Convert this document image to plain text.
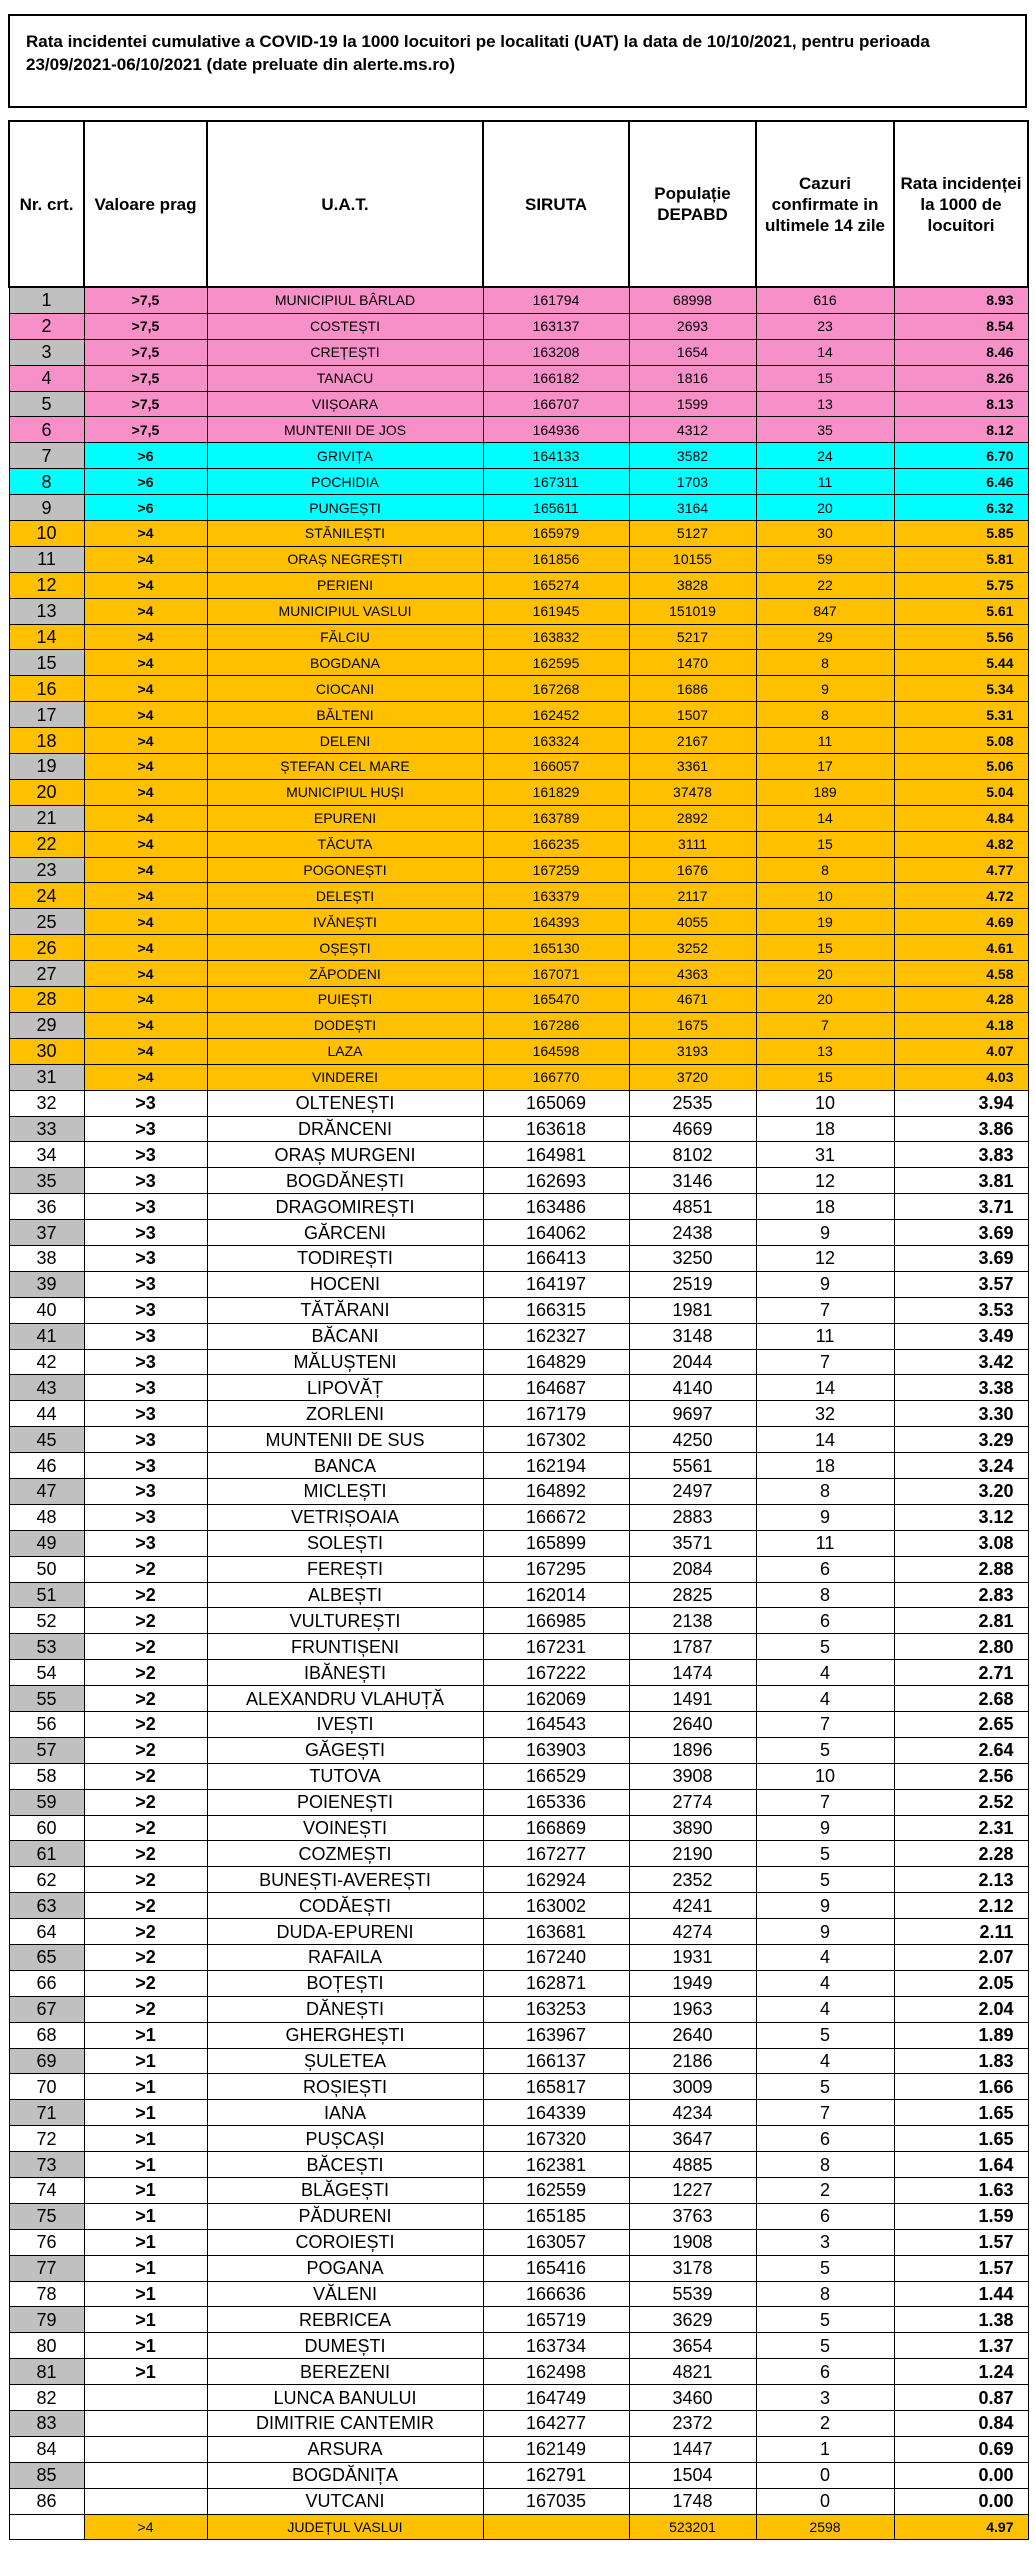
Rata incidentei cumulative a COVID-19 la 1000 locuitori pe localitati (UAT) la data de 10/10/2021, pentru perioada 23/09/2021-06/10/2021 (date preluate din alerte.ms.ro)
Nr. crt.	Valoare prag	U.A.T.	SIRUTA	Populație DEPABD	Cazuri confirmate in ultimele 14 zile	Rata incidenței la 1000 de locuitori
1	>7,5	MUNICIPIUL BÂRLAD	161794	68998	616	8.93
2	>7,5	COSTEȘTI	163137	2693	23	8.54
3	>7,5	CREȚEȘTI	163208	1654	14	8.46
4	>7,5	TANACU	166182	1816	15	8.26
5	>7,5	VIIȘOARA	166707	1599	13	8.13
6	>7,5	MUNTENII DE JOS	164936	4312	35	8.12
7	>6	GRIVIȚA	164133	3582	24	6.70
8	>6	POCHIDIA	167311	1703	11	6.46
9	>6	PUNGEȘTI	165611	3164	20	6.32
10	>4	STĂNILEȘTI	165979	5127	30	5.85
11	>4	ORAȘ NEGREȘTI	161856	10155	59	5.81
12	>4	PERIENI	165274	3828	22	5.75
13	>4	MUNICIPIUL VASLUI	161945	151019	847	5.61
14	>4	FĂLCIU	163832	5217	29	5.56
15	>4	BOGDANA	162595	1470	8	5.44
16	>4	CIOCANI	167268	1686	9	5.34
17	>4	BĂLTENI	162452	1507	8	5.31
18	>4	DELENI	163324	2167	11	5.08
19	>4	ȘTEFAN CEL MARE	166057	3361	17	5.06
20	>4	MUNICIPIUL HUȘI	161829	37478	189	5.04
21	>4	EPURENI	163789	2892	14	4.84
22	>4	TĂCUTA	166235	3111	15	4.82
23	>4	POGONEȘTI	167259	1676	8	4.77
24	>4	DELEȘTI	163379	2117	10	4.72
25	>4	IVĂNEȘTI	164393	4055	19	4.69
26	>4	OȘEȘTI	165130	3252	15	4.61
27	>4	ZĂPODENI	167071	4363	20	4.58
28	>4	PUIEȘTI	165470	4671	20	4.28
29	>4	DODEȘTI	167286	1675	7	4.18
30	>4	LAZA	164598	3193	13	4.07
31	>4	VINDEREI	166770	3720	15	4.03
32	>3	OLTENEȘTI	165069	2535	10	3.94
33	>3	DRĂNCENI	163618	4669	18	3.86
34	>3	ORAȘ MURGENI	164981	8102	31	3.83
35	>3	BOGDĂNEȘTI	162693	3146	12	3.81
36	>3	DRAGOMIREȘTI	163486	4851	18	3.71
37	>3	GĂRCENI	164062	2438	9	3.69
38	>3	TODIREȘTI	166413	3250	12	3.69
39	>3	HOCENI	164197	2519	9	3.57
40	>3	TĂTĂRANI	166315	1981	7	3.53
41	>3	BĂCANI	162327	3148	11	3.49
42	>3	MĂLUȘTENI	164829	2044	7	3.42
43	>3	LIPOVĂȚ	164687	4140	14	3.38
44	>3	ZORLENI	167179	9697	32	3.30
45	>3	MUNTENII DE SUS	167302	4250	14	3.29
46	>3	BANCA	162194	5561	18	3.24
47	>3	MICLEȘTI	164892	2497	8	3.20
48	>3	VETRIȘOAIA	166672	2883	9	3.12
49	>3	SOLEȘTI	165899	3571	11	3.08
50	>2	FEREȘTI	167295	2084	6	2.88
51	>2	ALBEȘTI	162014	2825	8	2.83
52	>2	VULTUREȘTI	166985	2138	6	2.81
53	>2	FRUNTIȘENI	167231	1787	5	2.80
54	>2	IBĂNEȘTI	167222	1474	4	2.71
55	>2	ALEXANDRU VLAHUȚĂ	162069	1491	4	2.68
56	>2	IVEȘTI	164543	2640	7	2.65
57	>2	GĂGEȘTI	163903	1896	5	2.64
58	>2	TUTOVA	166529	3908	10	2.56
59	>2	POIENEȘTI	165336	2774	7	2.52
60	>2	VOINEȘTI	166869	3890	9	2.31
61	>2	COZMEȘTI	167277	2190	5	2.28
62	>2	BUNEȘTI-AVEREȘTI	162924	2352	5	2.13
63	>2	CODĂEȘTI	163002	4241	9	2.12
64	>2	DUDA-EPURENI	163681	4274	9	2.11
65	>2	RAFAILA	167240	1931	4	2.07
66	>2	BOȚEȘTI	162871	1949	4	2.05
67	>2	DĂNEȘTI	163253	1963	4	2.04
68	>1	GHERGHEȘTI	163967	2640	5	1.89
69	>1	ȘULETEA	166137	2186	4	1.83
70	>1	ROȘIEȘTI	165817	3009	5	1.66
71	>1	IANA	164339	4234	7	1.65
72	>1	PUȘCAȘI	167320	3647	6	1.65
73	>1	BĂCEȘTI	162381	4885	8	1.64
74	>1	BLĂGEȘTI	162559	1227	2	1.63
75	>1	PĂDURENI	165185	3763	6	1.59
76	>1	COROIEȘTI	163057	1908	3	1.57
77	>1	POGANA	165416	3178	5	1.57
78	>1	VĂLENI	166636	5539	8	1.44
79	>1	REBRICEA	165719	3629	5	1.38
80	>1	DUMEȘTI	163734	3654	5	1.37
81	>1	BEREZENI	162498	4821	6	1.24
82		LUNCA BANULUI	164749	3460	3	0.87
83		DIMITRIE CANTEMIR	164277	2372	2	0.84
84		ARSURA	162149	1447	1	0.69
85		BOGDĂNIȚA	162791	1504	0	0.00
86		VUTCANI	167035	1748	0	0.00
	>4	JUDEȚUL VASLUI		523201	2598	4.97
